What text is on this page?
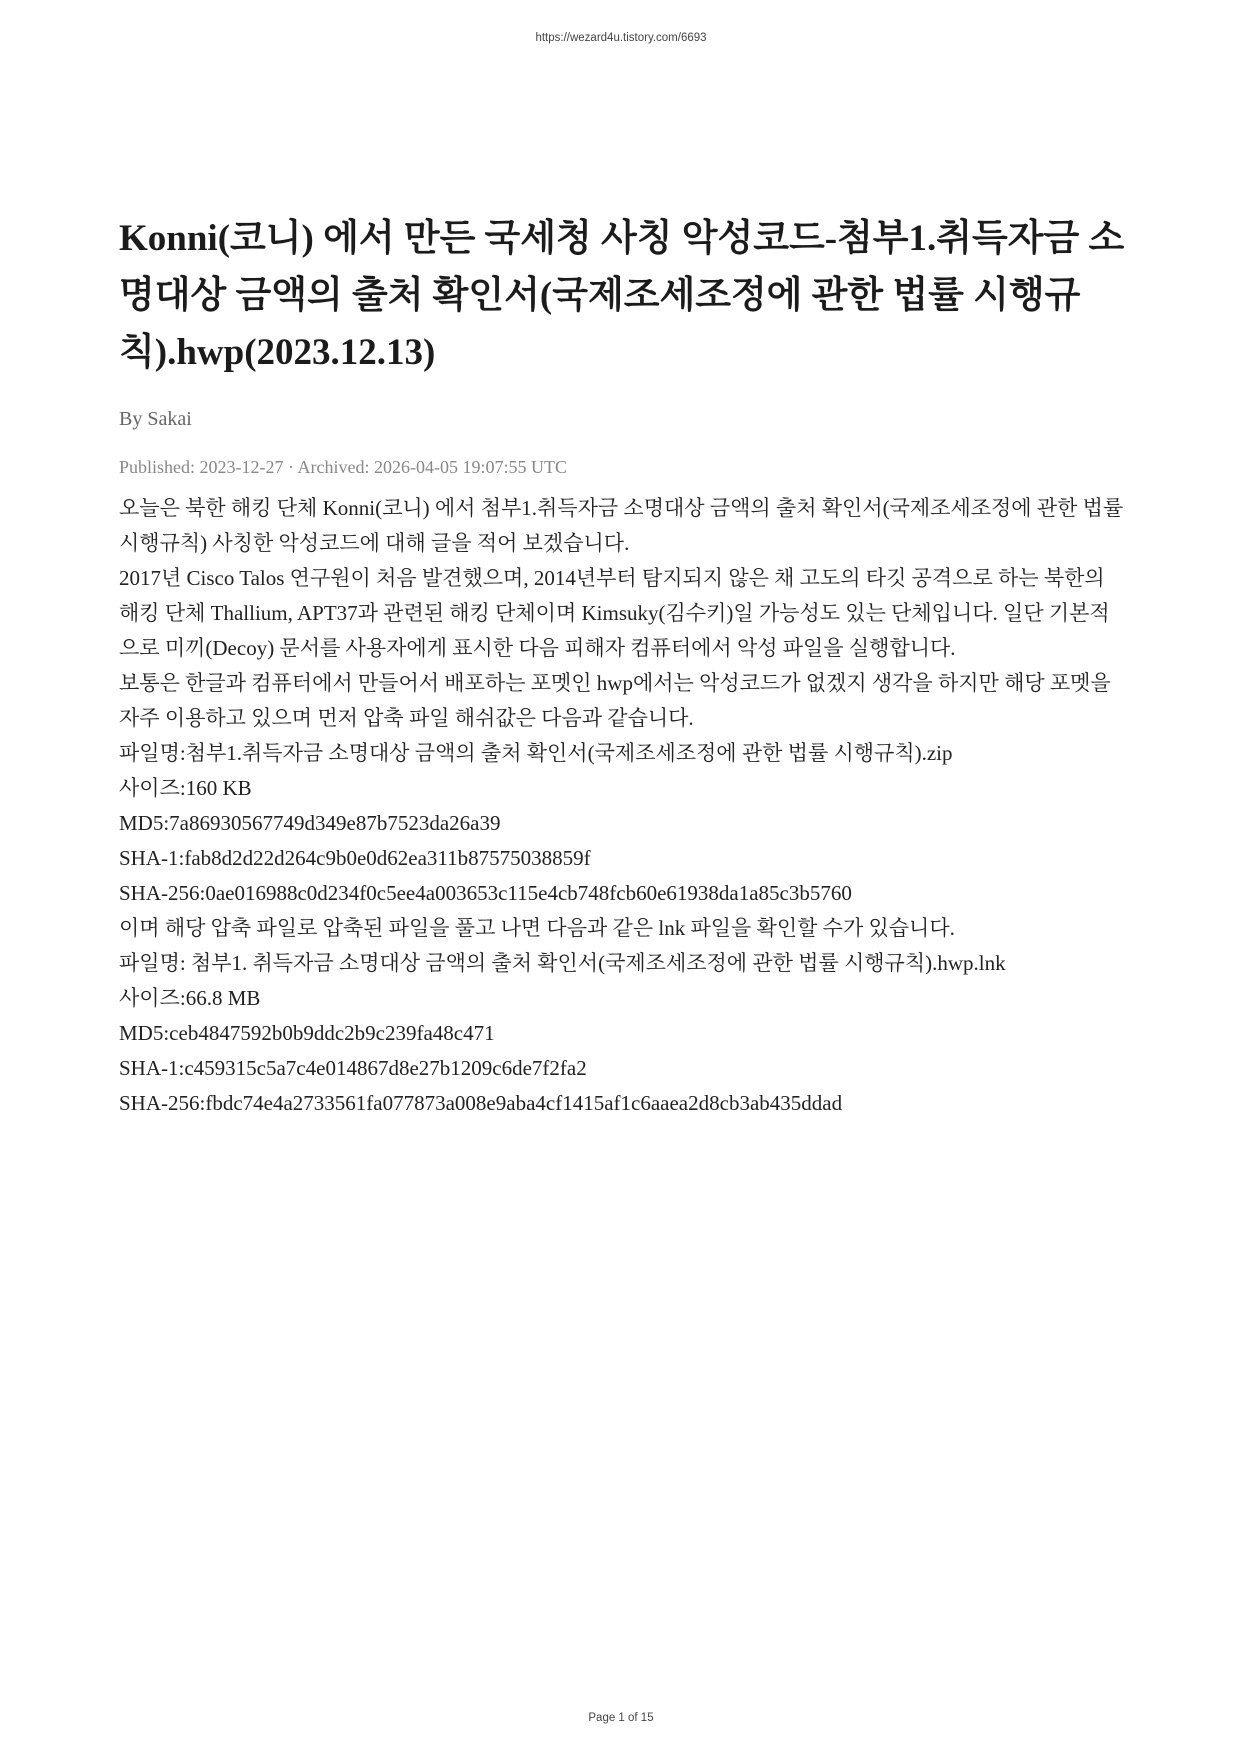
https://wezard4u.tistory.com/6693
Konni(코니) 에서 만든 국세청 사칭 악성코드-첨부1.취득자금 소명대상 금액의 출처 확인서(국제조세조정에 관한 법률 시행규칙).hwp(2023.12.13)
By Sakai
Published: 2023-12-27 · Archived: 2026-04-05 19:07:55 UTC

오늘은 북한 해킹 단체 Konni(코니) 에서 첨부1.취득자금 소명대상 금액의 출처 확인서(국제조세조정에 관한 법률 시행규칙) 사칭한 악성코드에 대해 글을 적어 보겠습니다.

2017년 Cisco Talos 연구원이 처음 발견했으며, 2014년부터 탐지되지 않은 채 고도의 타깃 공격으로 하는 북한의 해킹 단체 Thallium, APT37과 관련된 해킹 단체이며 Kimsuky(김수키)일 가능성도 있는 단체입니다. 일단 기본적으로 미끼(Decoy) 문서를 사용자에게 표시한 다음 피해자 컴퓨터에서 악성 파일을 실행합니다.

보통은 한글과 컴퓨터에서 만들어서 배포하는 포멧인 hwp에서는 악성코드가 없겠지 생각을 하지만 해당 포멧을 자주 이용하고 있으며 먼저 압축 파일 해쉬값은 다음과 같습니다.

파일명:첨부1.취득자금 소명대상 금액의 출처 확인서(국제조세조정에 관한 법률 시행규칙).zip

사이즈:160 KB

MD5:7a86930567749d349e87b7523da26a39

SHA-1:fab8d2d22d264c9b0e0d62ea311b87575038859f

SHA-256:0ae016988c0d234f0c5ee4a003653c115e4cb748fcb60e61938da1a85c3b5760

이며 해당 압축 파일로 압축된 파일을 풀고 나면 다음과 같은 lnk 파일을 확인할 수가 있습니다.

파일명: 첨부1. 취득자금 소명대상 금액의 출처 확인서(국제조세조정에 관한 법률 시행규칙).hwp.lnk

사이즈:66.8 MB

MD5:ceb4847592b0b9ddc2b9c239fa48c471

SHA-1:c459315c5a7c4e014867d8e27b1209c6de7f2fa2

SHA-256:fbdc74e4a2733561fa077873a008e9aba4cf1415af1c6aaea2d8cb3ab435ddad

Page 1 of 15
